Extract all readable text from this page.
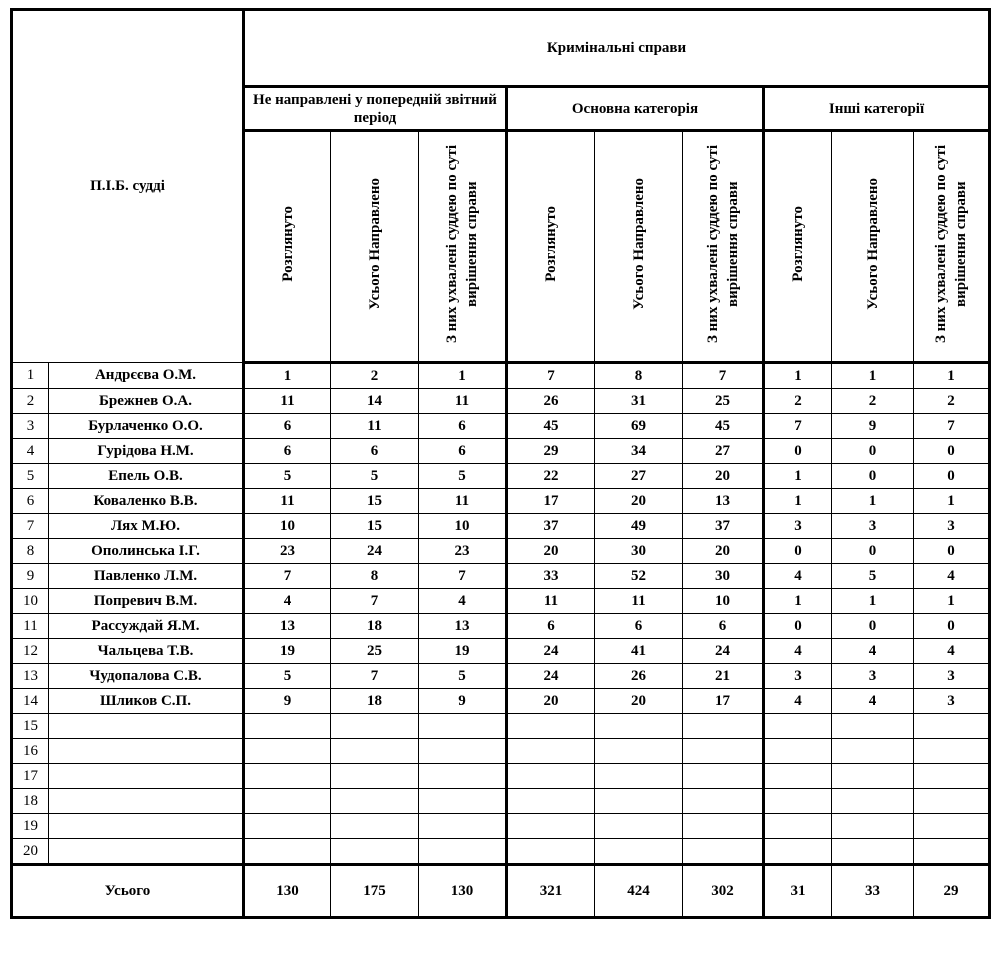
П.І.Б. судді		Кримінальні справи								
		Не направлені у попередній звітний період			Основна категорія			Інші категорії		
		Розглянуто	Усього Направлено	З них ухвалені суддею по суті вирішення справи	Розглянуто	Усього Направлено	З них ухвалені суддею по суті вирішення справи	Розглянуто	Усього Направлено	З них ухвалені суддею по суті вирішення справи
1	Андрєєва О.М.	1	2	1	7	8	7	1	1	1
2	Брежнев О.А.	11	14	11	26	31	25	2	2	2
3	Бурлаченко О.О.	6	11	6	45	69	45	7	9	7
4	Гурідова Н.М.	6	6	6	29	34	27	0	0	0
5	Епель О.В.	5	5	5	22	27	20	1	0	0
6	Коваленко В.В.	11	15	11	17	20	13	1	1	1
7	Лях М.Ю.	10	15	10	37	49	37	3	3	3
8	Ополинська І.Г.	23	24	23	20	30	20	0	0	0
9	Павленко Л.М.	7	8	7	33	52	30	4	5	4
10	Попревич В.М.	4	7	4	11	11	10	1	1	1
11	Рассуждай Я.М.	13	18	13	6	6	6	0	0	0
12	Чальцева Т.В.	19	25	19	24	41	24	4	4	4
13	Чудопалова С.В.	5	7	5	24	26	21	3	3	3
14	Шликов С.П.	9	18	9	20	20	17	4	4	3
15										
16										
17										
18										
19										
20										
Усього		130	175	130	321	424	302	31	33	29
